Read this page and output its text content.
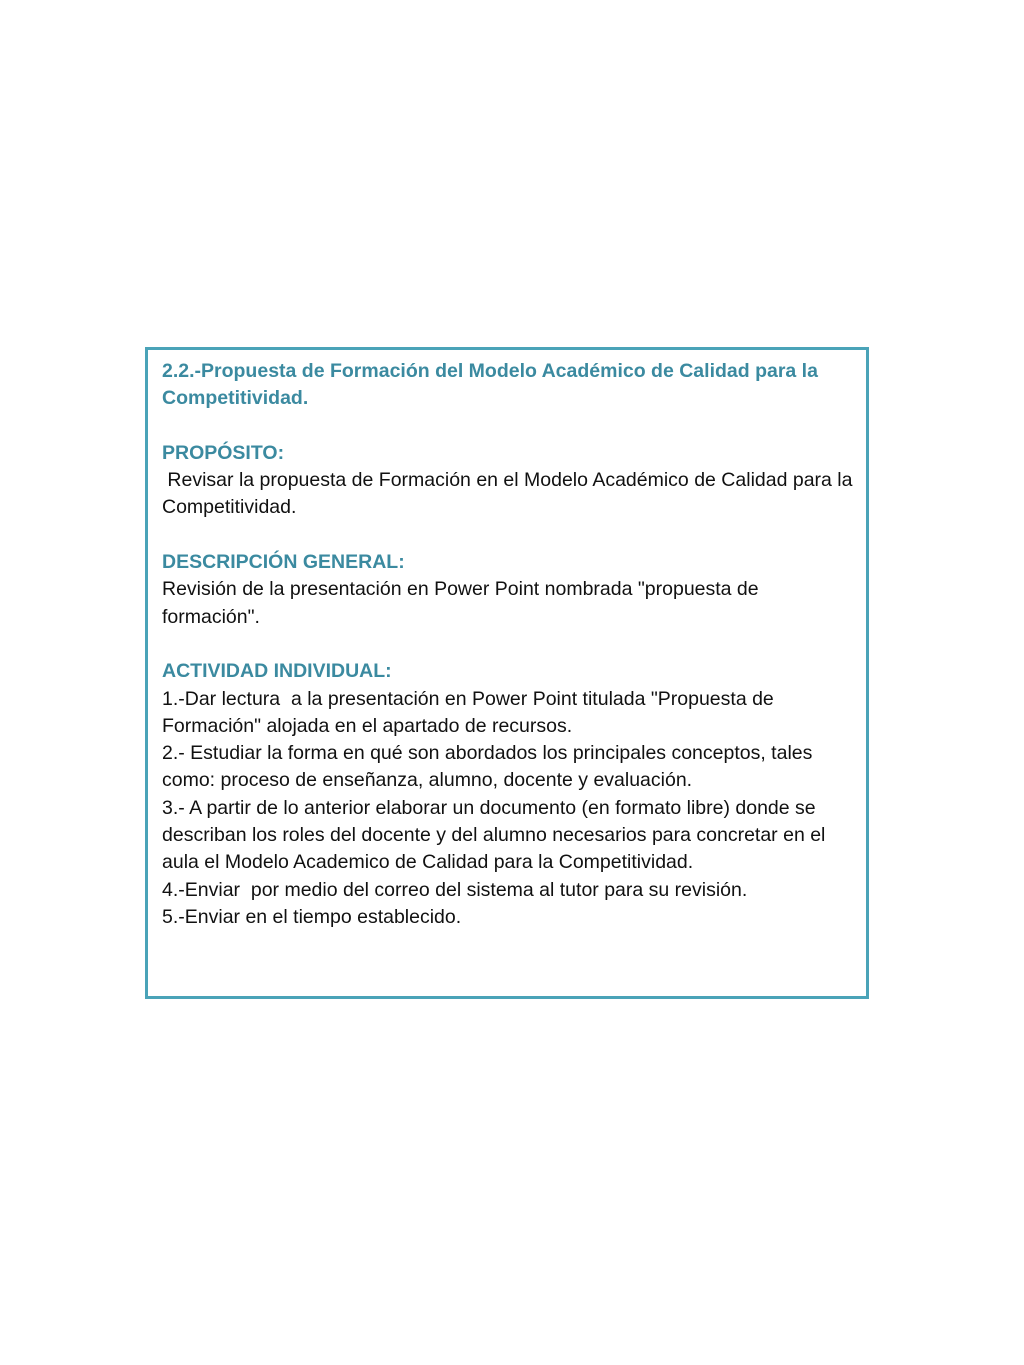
2.2.-Propuesta de Formación del Modelo Académico de Calidad para la Competitividad.

PROPÓSITO:

Revisar la propuesta de Formación en el Modelo Académico de Calidad para la Competitividad.

DESCRIPCIÓN GENERAL:

Revisión de la presentación en Power Point nombrada "propuesta de formación".

ACTIVIDAD INDIVIDUAL:

1.-Dar lectura  a la presentación en Power Point titulada "Propuesta de Formación" alojada en el apartado de recursos.

2.- Estudiar la forma en qué son abordados los principales conceptos, tales como: proceso de enseñanza, alumno, docente y evaluación.

3.- A partir de lo anterior elaborar un documento (en formato libre) donde se describan los roles del docente y del alumno necesarios para concretar en el aula el Modelo Academico de Calidad para la Competitividad.

4.-Enviar  por medio del correo del sistema al tutor para su revisión.

5.-Enviar en el tiempo establecido.
